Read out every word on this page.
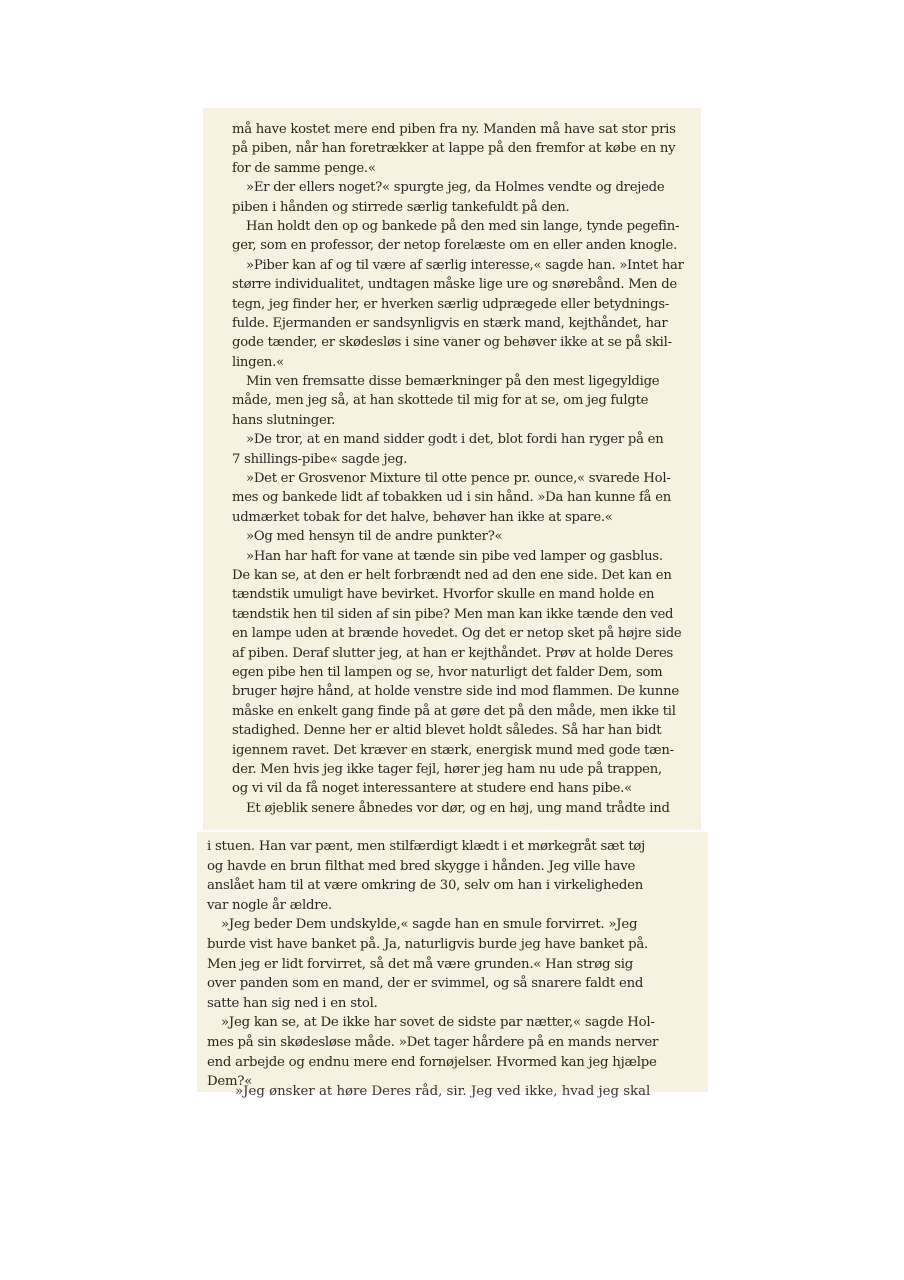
må have kostet mere end piben fra ny. Manden må have sat stor pris
på piben, når han foretrækker at lappe på den fremfor at købe en ny
for de samme penge.«
»Er der ellers noget?« spurgte jeg, da Holmes vendte og drejede
piben i hånden og stirrede særlig tankefuldt på den.
Han holdt den op og bankede på den med sin lange, tynde pegefin-
ger, som en professor, der netop forelæste om en eller anden knogle.
»Piber kan af og til være af særlig interesse,« sagde han. »Intet har
større individualitet, undtagen måske lige ure og snørebånd. Men de
tegn, jeg finder her, er hverken særlig udprægede eller betydnings-
fulde. Ejermanden er sandsynligvis en stærk mand, kejthåndet, har
gode tænder, er skødesløs i sine vaner og behøver ikke at se på skil-
lingen.«
Min ven fremsatte disse bemærkninger på den mest ligegyldige
måde, men jeg så, at han skottede til mig for at se, om jeg fulgte
hans slutninger.
»De tror, at en mand sidder godt i det, blot fordi han ryger på en
7 shillings-pibe« sagde jeg.
»Det er Grosvenor Mixture til otte pence pr. ounce,« svarede Hol-
mes og bankede lidt af tobakken ud i sin hånd. »Da han kunne få en
udmærket tobak for det halve, behøver han ikke at spare.«
»Og med hensyn til de andre punkter?«
»Han har haft for vane at tænde sin pibe ved lamper og gasblus.
De kan se, at den er helt forbrændt ned ad den ene side. Det kan en
tændstik umuligt have bevirket. Hvorfor skulle en mand holde en
tændstik hen til siden af sin pibe? Men man kan ikke tænde den ved
en lampe uden at brænde hovedet. Og det er netop sket på højre side
af piben. Deraf slutter jeg, at han er kejthåndet. Prøv at holde Deres
egen pibe hen til lampen og se, hvor naturligt det falder Dem, som
bruger højre hånd, at holde venstre side ind mod flammen. De kunne
måske en enkelt gang finde på at gøre det på den måde, men ikke til
stadighed. Denne her er altid blevet holdt således. Så har han bidt
igennem ravet. Det kræver en stærk, energisk mund med gode tæn-
der. Men hvis jeg ikke tager fejl, hører jeg ham nu ude på trappen,
og vi vil da få noget interessantere at studere end hans pibe.«
Et øjeblik senere åbnedes vor dør, og en høj, ung mand trådte ind
i stuen. Han var pænt, men stilfærdigt klædt i et mørkegråt sæt tøj
og havde en brun filthat med bred skygge i hånden. Jeg ville have
anslået ham til at være omkring de 30, selv om han i virkeligheden
var nogle år ældre.
»Jeg beder Dem undskylde,« sagde han en smule forvirret. »Jeg
burde vist have banket på. Ja, naturligvis burde jeg have banket på.
Men jeg er lidt forvirret, så det må være grunden.« Han strøg sig
over panden som en mand, der er svimmel, og så snarere faldt end
satte han sig ned i en stol.
»Jeg kan se, at De ikke har sovet de sidste par nætter,« sagde Hol-
mes på sin skødesløse måde. »Det tager hårdere på en mands nerver
end arbejde og endnu mere end fornøjelser. Hvormed kan jeg hjælpe
Dem?«
»Jeg ønsker at høre Deres råd, sir. Jeg ved ikke, hvad jeg skal
